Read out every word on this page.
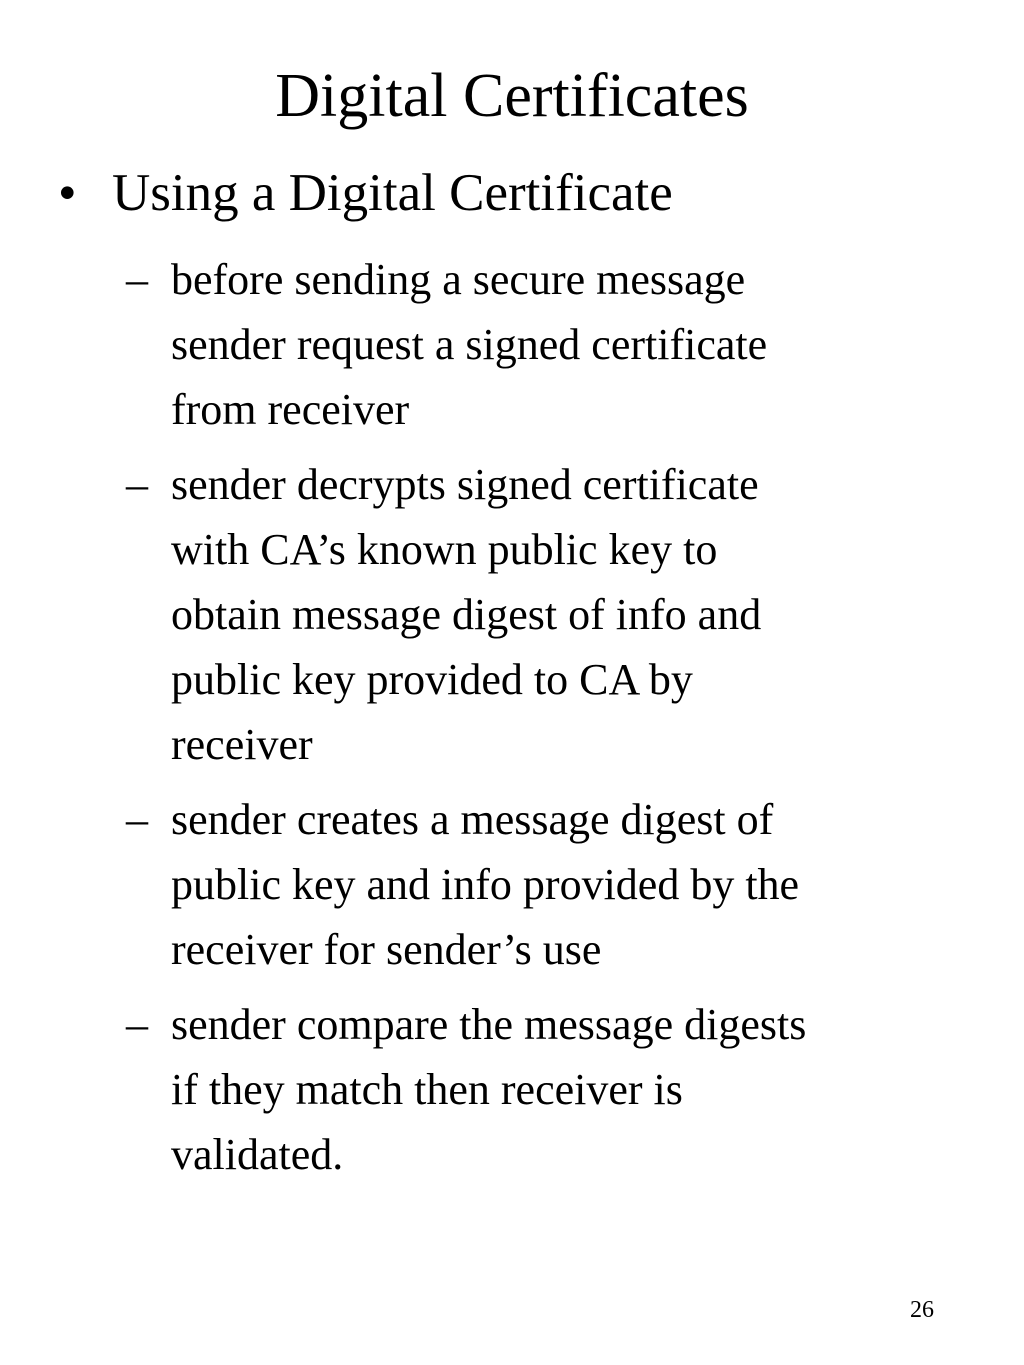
Digital Certificates
• Using a Digital Certificate
– before sending a secure message
sender request a signed certificate
from receiver
– sender decrypts signed certificate
with CA’s known public key to
obtain message digest of info and
public key provided to CA by
receiver
– sender creates a message digest of
public key and info provided by the
receiver for sender’s use
– sender compare the message digests
if they match then receiver is
validated.
26
